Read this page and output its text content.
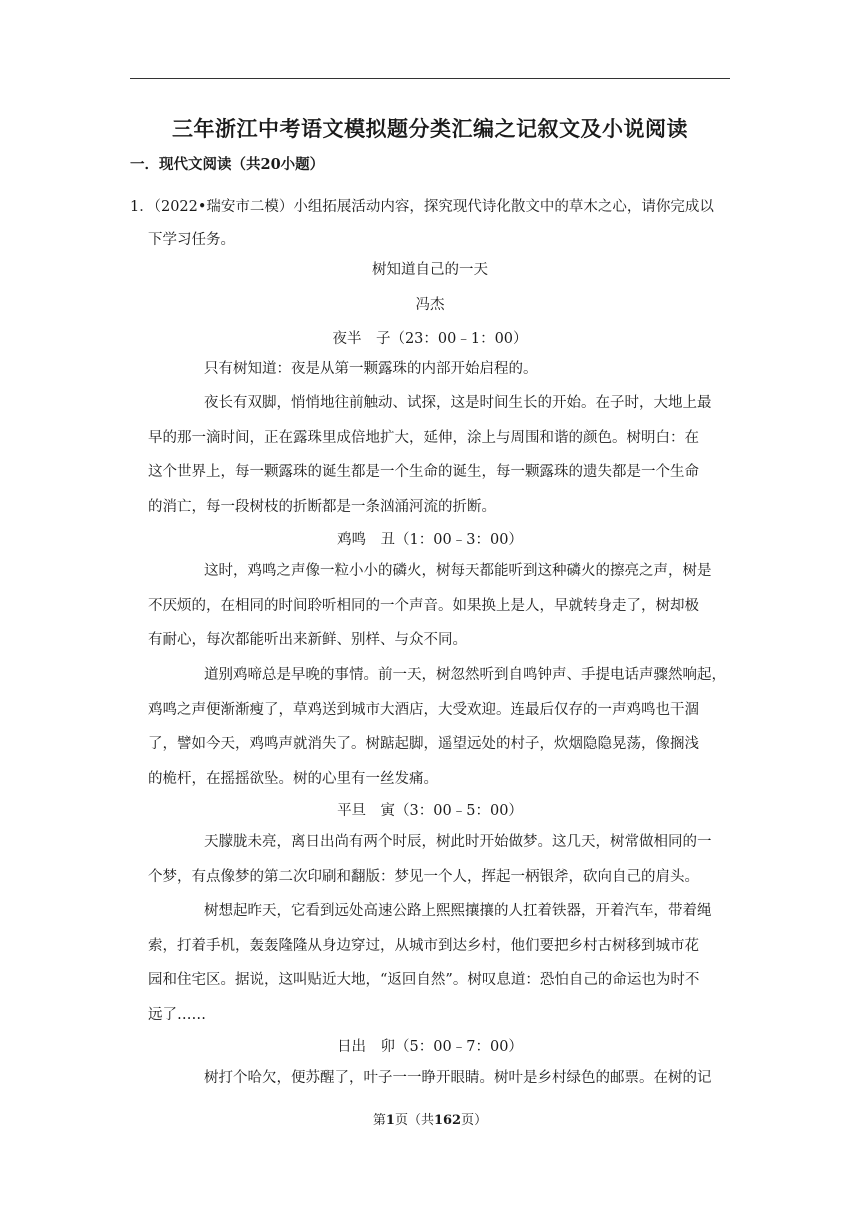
三年浙江中考语文模拟题分类汇编之记叙文及小说阅读
一．现代文阅读（共20小题）
1．（2022•瑞安市二模）小组拓展活动内容，探究现代诗化散文中的草木之心，请你完成以
下学习任务。
树知道自己的一天
冯杰
夜半　子（23：00﹣1：00）
只有树知道：夜是从第一颗露珠的内部开始启程的。
夜长有双脚，悄悄地往前触动、试探，这是时间生长的开始。在子时，大地上最
早的那一滴时间，正在露珠里成倍地扩大，延伸，涂上与周围和谐的颜色。树明白：在
这个世界上，每一颗露珠的诞生都是一个生命的诞生，每一颗露珠的遗失都是一个生命
的消亡，每一段树枝的折断都是一条汹涌河流的折断。
鸡鸣　丑（1：00﹣3：00）
这时，鸡鸣之声像一粒小小的磷火，树每天都能听到这种磷火的擦亮之声，树是
不厌烦的，在相同的时间聆听相同的一个声音。如果换上是人，早就转身走了，树却极
有耐心，每次都能听出来新鲜、别样、与众不同。
道别鸡啼总是早晚的事情。前一天，树忽然听到自鸣钟声、手提电话声骤然响起，
鸡鸣之声便渐渐瘦了，草鸡送到城市大酒店，大受欢迎。连最后仅存的一声鸡鸣也干涸
了，譬如今天，鸡鸣声就消失了。树踮起脚，遥望远处的村子，炊烟隐隐晃荡，像搁浅
的桅杆，在摇摇欲坠。树的心里有一丝发痛。
平旦　寅（3：00﹣5：00）
天朦胧未亮，离日出尚有两个时辰，树此时开始做梦。这几天，树常做相同的一
个梦，有点像梦的第二次印刷和翻版：梦见一个人，挥起一柄银斧，砍向自己的肩头。
树想起昨天，它看到远处高速公路上熙熙攘攘的人扛着铁器，开着汽车，带着绳
索，打着手机，轰轰隆隆从身边穿过，从城市到达乡村，他们要把乡村古树移到城市花
园和住宅区。据说，这叫贴近大地，“返回自然”。树叹息道：恐怕自己的命运也为时不
远了……
日出　卯（5：00﹣7：00）
树打个哈欠，便苏醒了，叶子一一睁开眼睛。树叶是乡村绿色的邮票。在树的记
第1页（共162页）
